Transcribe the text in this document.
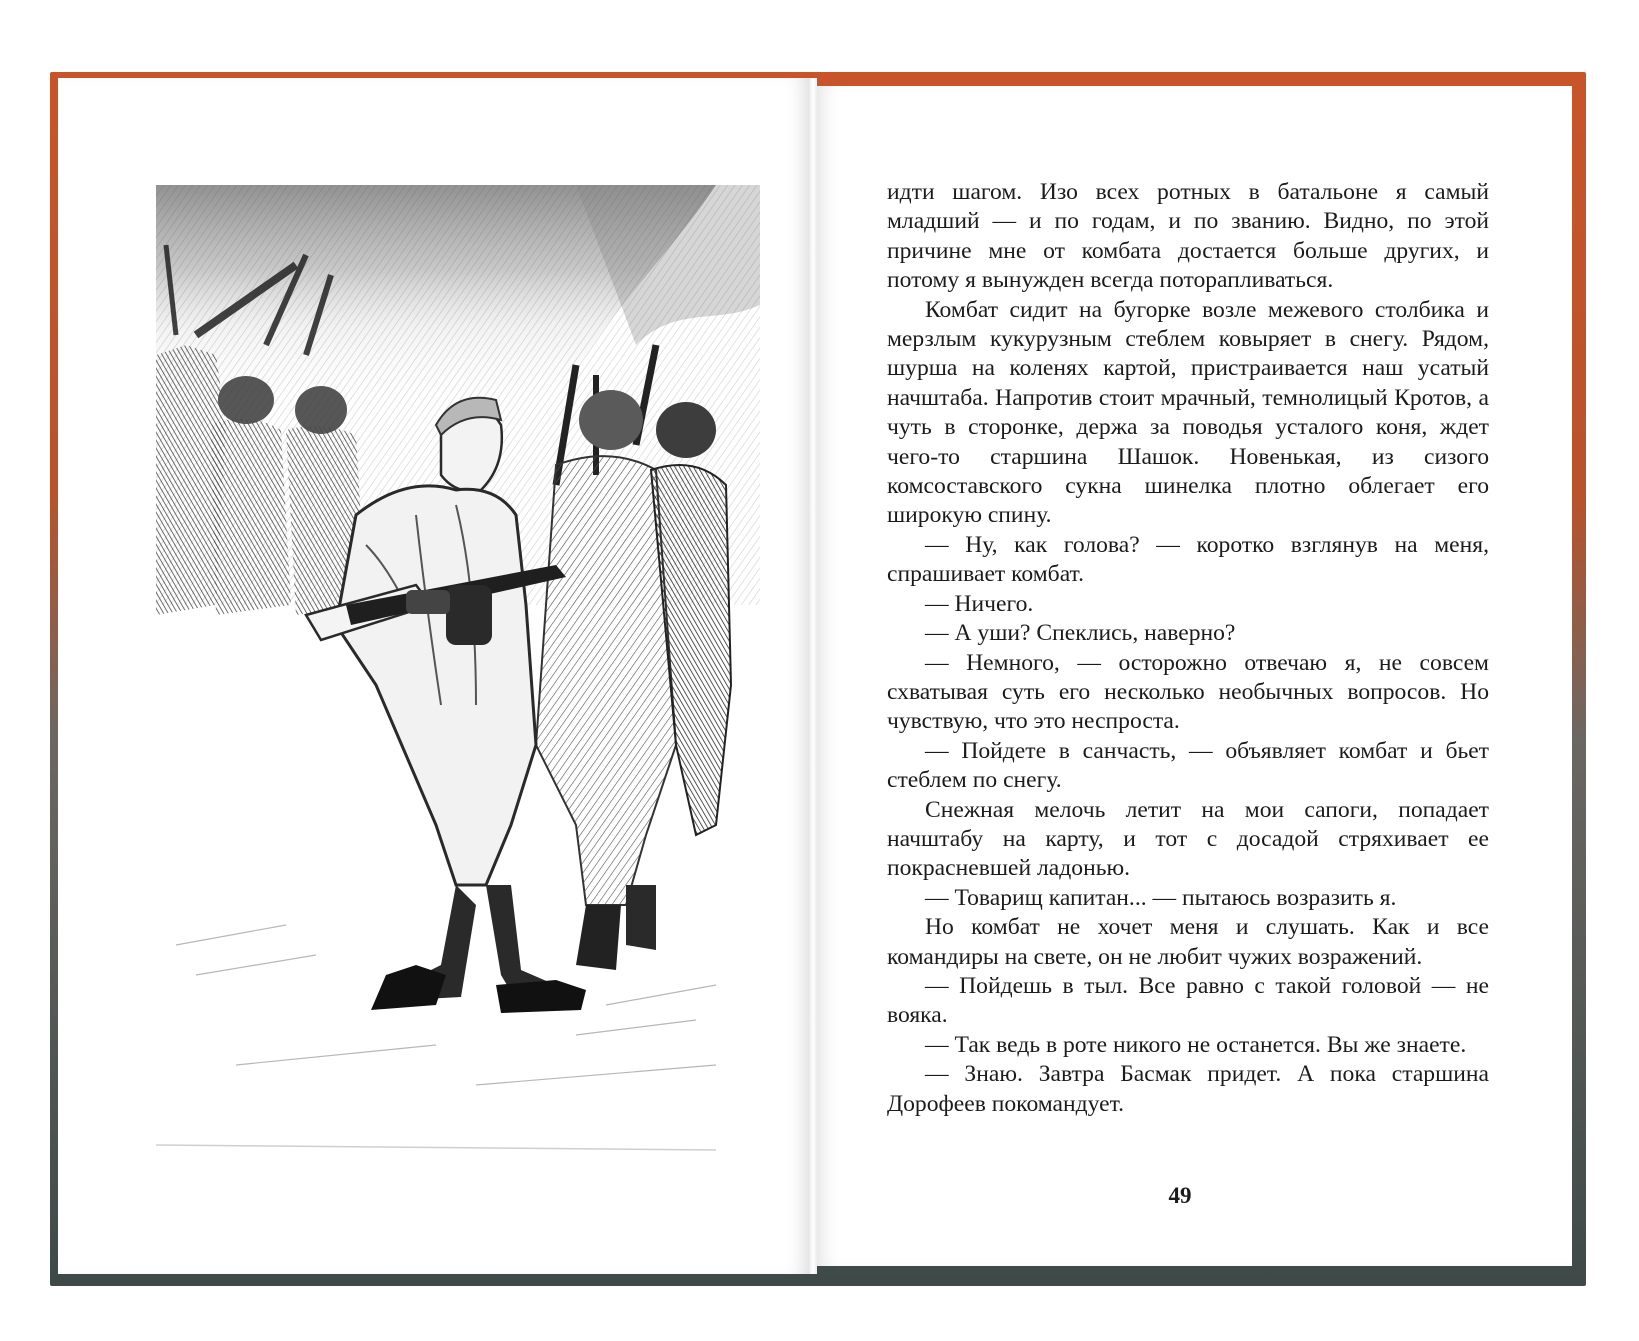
идти шагом. Изо всех ротных в батальоне я самый младший — и по годам, и по званию. Видно, по этой причине мне от комбата достается больше других, и потому я вынужден всегда поторапливаться.

Комбат сидит на бугорке возле межевого столбика и мерзлым кукурузным стеблем ковыряет в снегу. Рядом, шурша на коленях картой, пристраивается наш усатый начштаба. Напротив стоит мрачный, темнолицый Кротов, а чуть в сторонке, держа за поводья усталого коня, ждет чего-то старшина Шашок. Новенькая, из сизого комсоставского сукна шинелка плотно облегает его широкую спину.

— Ну, как голова? — коротко взглянув на меня, спрашивает комбат.

— Ничего.

— А уши? Спеклись, наверно?

— Немного, — осторожно отвечаю я, не совсем схватывая суть его несколько необычных вопросов. Но чувствую, что это неспроста.

— Пойдете в санчасть, — объявляет комбат и бьет стеблем по снегу.

Снежная мелочь летит на мои сапоги, попадает начштабу на карту, и тот с досадой стряхивает ее покрасневшей ладонью.

— Товарищ капитан... — пытаюсь возразить я.

Но комбат не хочет меня и слушать. Как и все командиры на свете, он не любит чужих возражений.

— Пойдешь в тыл. Все равно с такой головой — не вояка.

— Так ведь в роте никого не останется. Вы же знаете.

— Знаю. Завтра Басмак придет. А пока старшина Дорофеев покомандует.

49
